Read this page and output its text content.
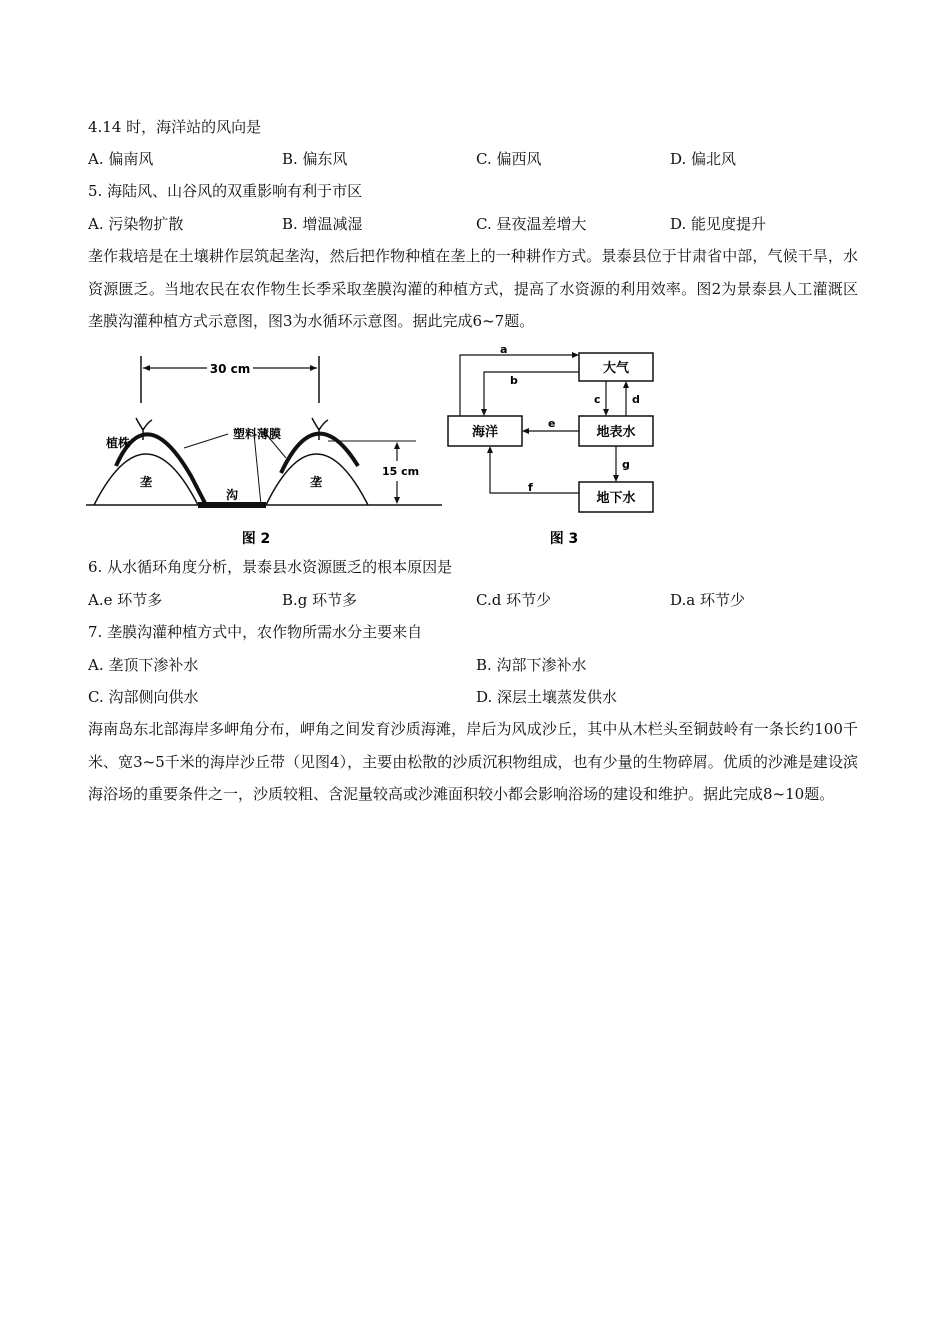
4.14 时，海洋站的风向是
A. 偏南风	B. 偏东风	C. 偏西风	D. 偏北风
5. 海陆风、山谷风的双重影响有利于市区
A. 污染物扩散	B. 增温减湿	C. 昼夜温差增大	D. 能见度提升
垄作栽培是在土壤耕作层筑起垄沟，然后把作物种植在垄上的一种耕作方式。景泰县位于甘肃省中部，气候干旱，水资源匮乏。当地农民在农作物生长季采取垄膜沟灌的种植方式，提高了水资源的利用效率。图2为景泰县人工灌溉区垄膜沟灌种植方式示意图，图3为水循环示意图。据此完成6~7题。
30 cm
植株
塑料薄膜
垄	垄
沟
15 cm
图 2
大气
海洋	地表水
地下水
a
b
c	d
e
g
f
图 3
6. 从水循环角度分析，景泰县水资源匮乏的根本原因是
A.e 环节多	B.g 环节多	C.d 环节少	D.a 环节少
7. 垄膜沟灌种植方式中，农作物所需水分主要来自
A. 垄顶下渗补水	B. 沟部下渗补水
C. 沟部侧向供水	D. 深层土壤蒸发供水
海南岛东北部海岸多岬角分布，岬角之间发育沙质海滩，岸后为风成沙丘，其中从木栏头至铜鼓岭有一条长约100千米、宽3~5千米的海岸沙丘带（见图4），主要由松散的沙质沉积物组成，也有少量的生物碎屑。优质的沙滩是建设滨海浴场的重要条件之一，沙质较粗、含泥量较高或沙滩面积较小都会影响浴场的建设和维护。据此完成8~10题。
